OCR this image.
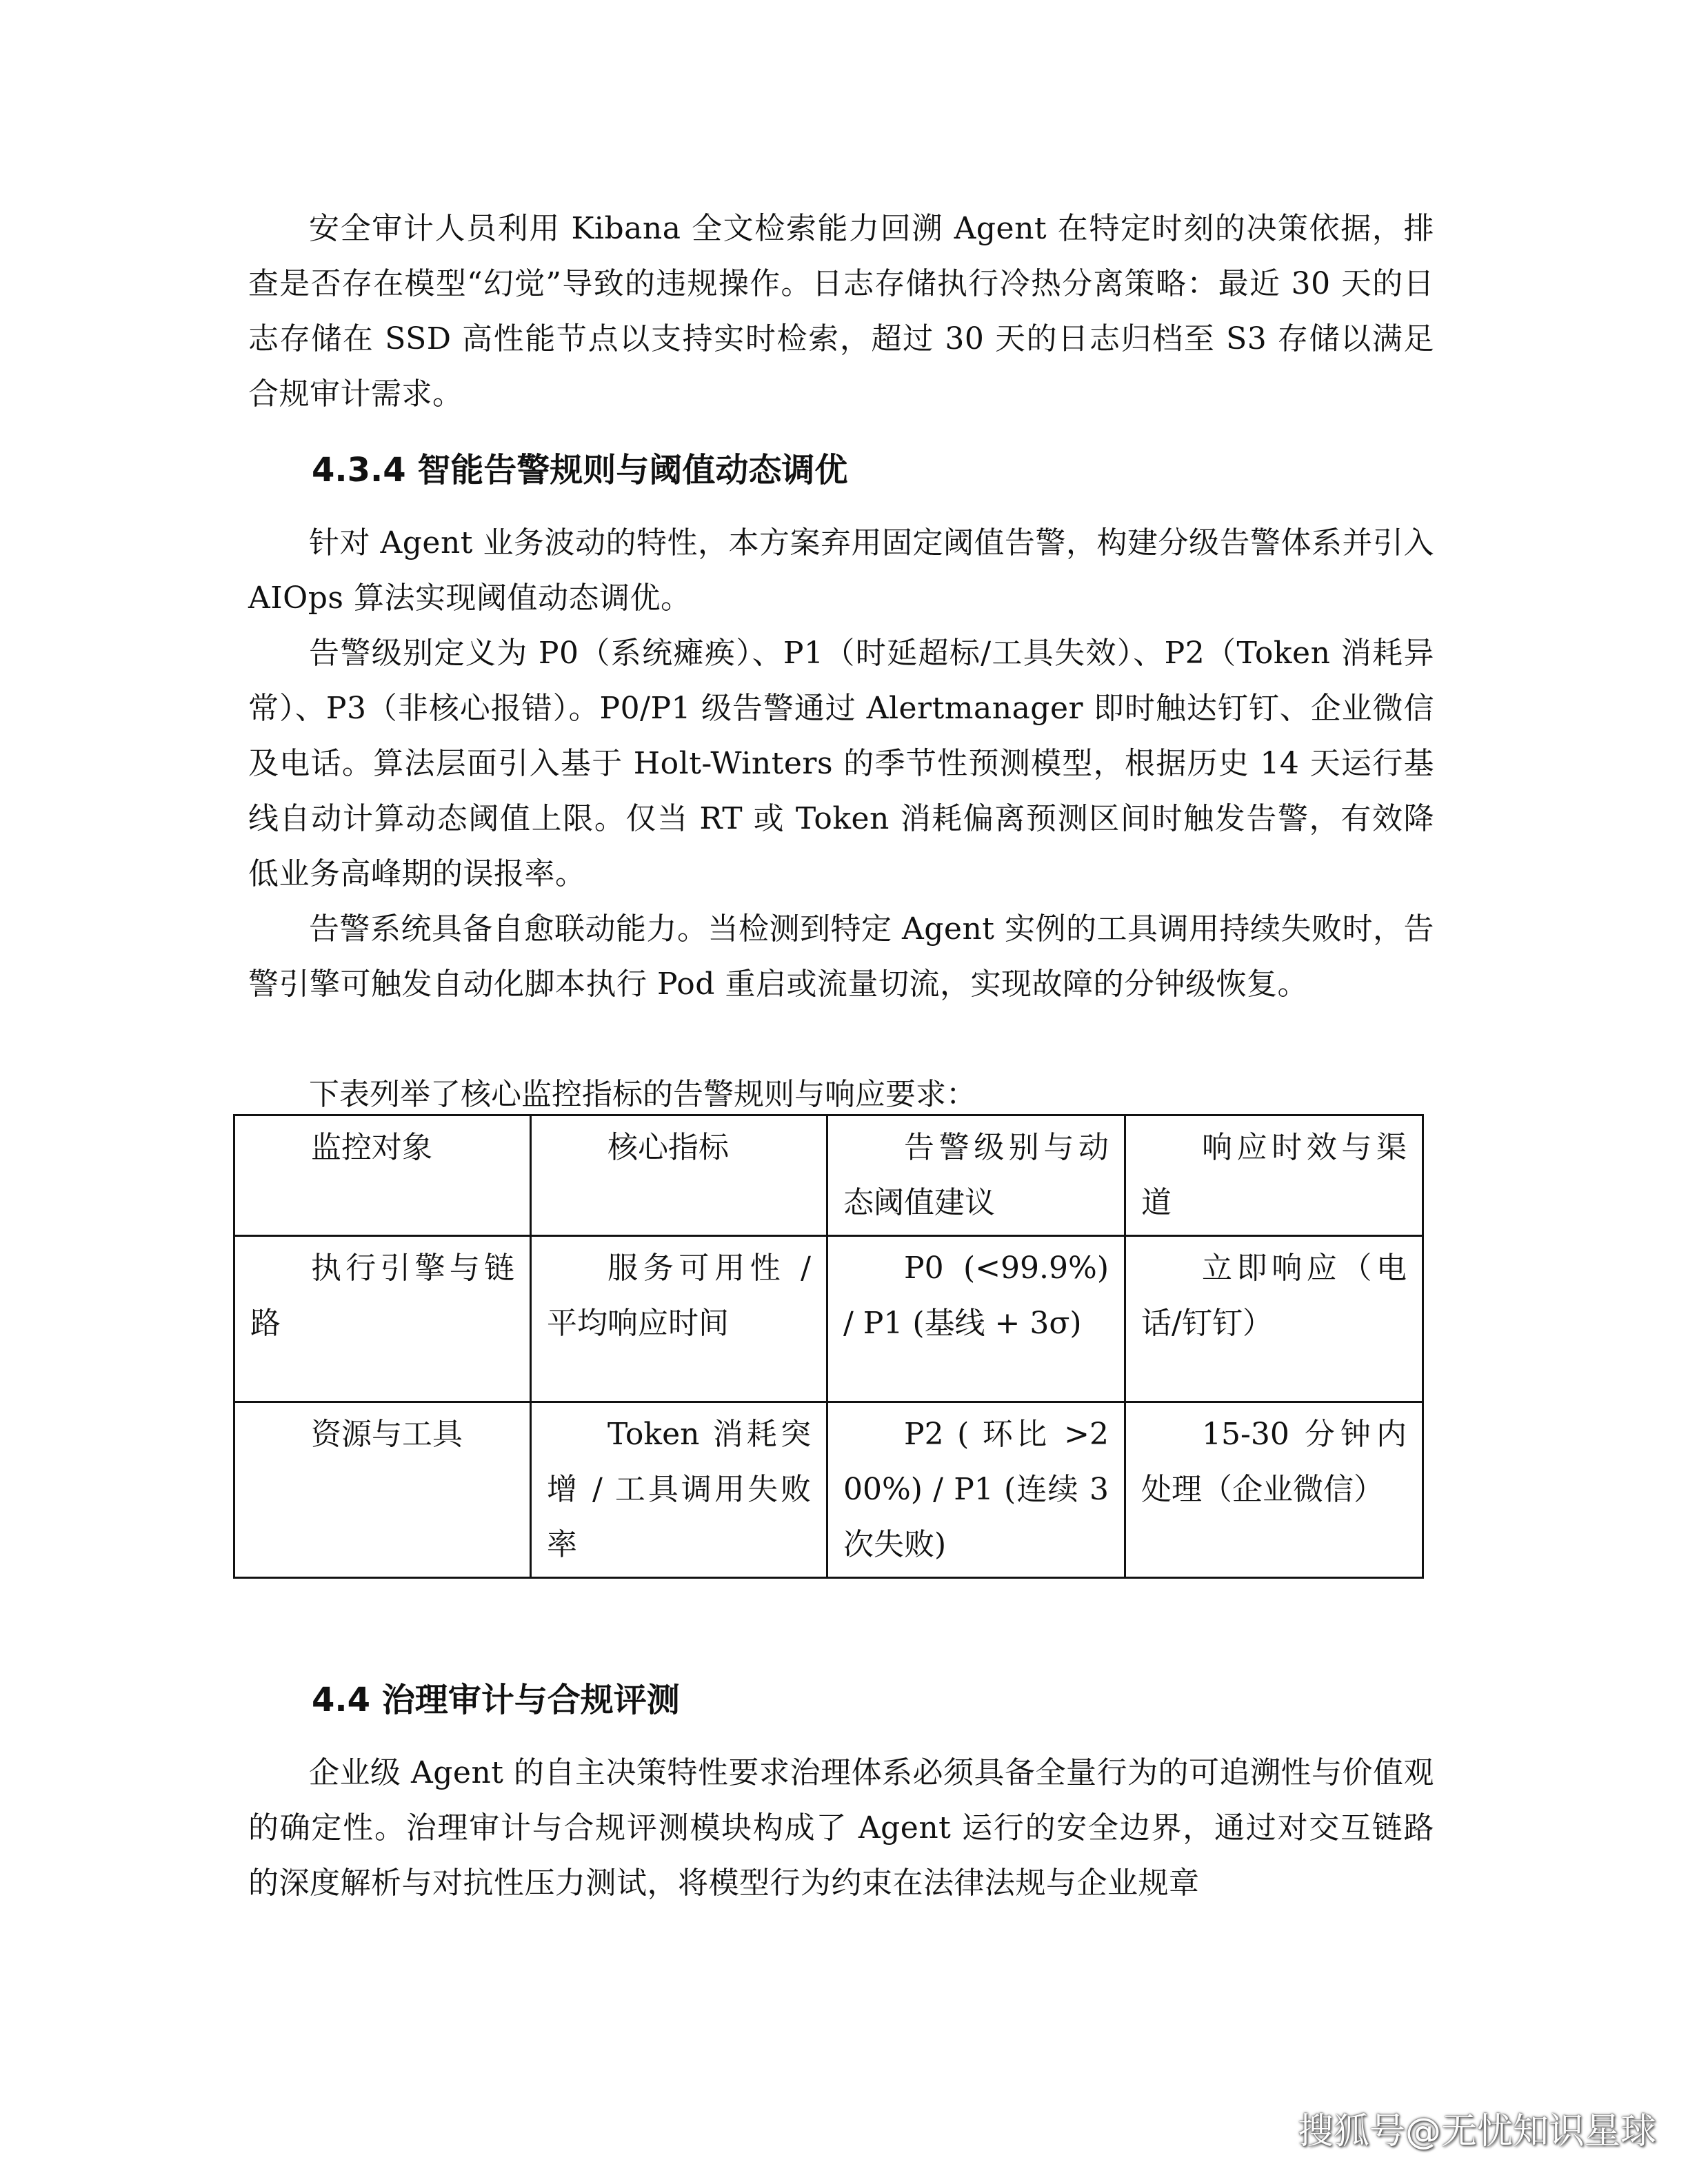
安全审计人员利用 Kibana 全文检索能力回溯 Agent 在特定时刻的决策依据，排查是否存在模型“幻觉”导致的违规操作。日志存储执行冷热分离策略：最近 30 天的日志存储在 SSD 高性能节点以支持实时检索，超过 30 天的日志归档至 S3 存储以满足合规审计需求。

4.3.4 智能告警规则与阈值动态调优

针对 Agent 业务波动的特性，本方案弃用固定阈值告警，构建分级告警体系并引入 AIOps 算法实现阈值动态调优。

告警级别定义为 P0（系统瘫痪）、P1（时延超标/工具失效）、P2（Token 消耗异常）、P3（非核心报错）。P0/P1 级告警通过 Alertmanager 即时触达钉钉、企业微信及电话。算法层面引入基于 Holt-Winters 的季节性预测模型，根据历史 14 天运行基线自动计算动态阈值上限。仅当 RT 或 Token 消耗偏离预测区间时触发告警，有效降低业务高峰期的误报率。

告警系统具备自愈联动能力。当检测到特定 Agent 实例的工具调用持续失败时，告警引擎可触发自动化脚本执行 Pod 重启或流量切流，实现故障的分钟级恢复。

下表列举了核心监控指标的告警规则与响应要求：

监控对象	核心指标	告警级别与动态阈值建议	响应时效与渠道
执行引擎与链路	服务可用性 / 平均响应时间	P0 (<99.9%) / P1 (基线 + 3σ)	立即响应（电话/钉钉）
资源与工具	Token 消耗突增 / 工具调用失败率	P2 ( 环比 >200%) / P1 (连续 3 次失败)	15-30 分钟内处理（企业微信）
4.4 治理审计与合规评测

企业级 Agent 的自主决策特性要求治理体系必须具备全量行为的可追溯性与价值观的确定性。治理审计与合规评测模块构成了 Agent 运行的安全边界，通过对交互链路的深度解析与对抗性压力测试，将模型行为约束在法律法规与企业规章

搜狐号@无忧知识星球
